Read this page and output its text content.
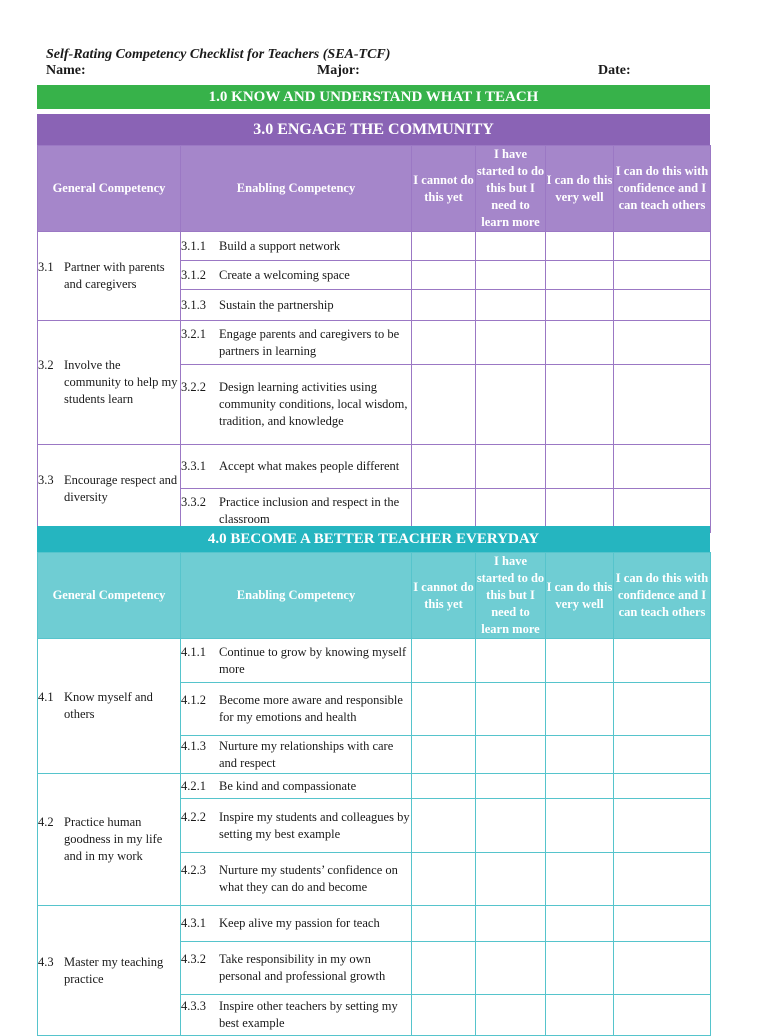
Self-Rating Competency Checklist for Teachers (SEA-TCF)
Name:	Major:	Date:
1.0 KNOW AND UNDERSTAND WHAT I TEACH
3.0 ENGAGE THE COMMUNITY
General Competency	Enabling Competency	I cannot do this yet	I have started to do this but I need to learn more	I can do this very well	I can do this with confidence and I can teach others

3.1 Partner with parents and caregivers	3.1.1 Build a support network				

	3.1.2 Create a welcoming space				

	3.1.3 Sustain the partnership				

3.2 Involve the community to help my students learn	3.2.1 Engage parents and caregivers to be partners in learning				

	3.2.2 Design learning activities using community conditions, local wisdom, tradition, and knowledge				

3.3 Encourage respect and diversity	3.3.1 Accept what makes people different				

	3.3.2 Practice inclusion and respect in the classroom				

4.0 BECOME A BETTER TEACHER EVERYDAY
General Competency	Enabling Competency	I cannot do this yet	I have started to do this but I need to learn more	I can do this very well	I can do this with confidence and I can teach others

4.1 Know myself and others	4.1.1 Continue to grow by knowing myself more				

	4.1.2 Become more aware and responsible for my emotions and health				

	4.1.3 Nurture my relationships with care and respect				

4.2 Practice human goodness in my life and in my work	4.2.1 Be kind and compassionate				

	4.2.2 Inspire my students and colleagues by setting my best example				

	4.2.3 Nurture my students’ confidence on what they can do and become				

4.3 Master my teaching practice	4.3.1 Keep alive my passion for teach				

	4.3.2 Take responsibility in my own personal and professional growth				

	4.3.3 Inspire other teachers by setting my best example				
